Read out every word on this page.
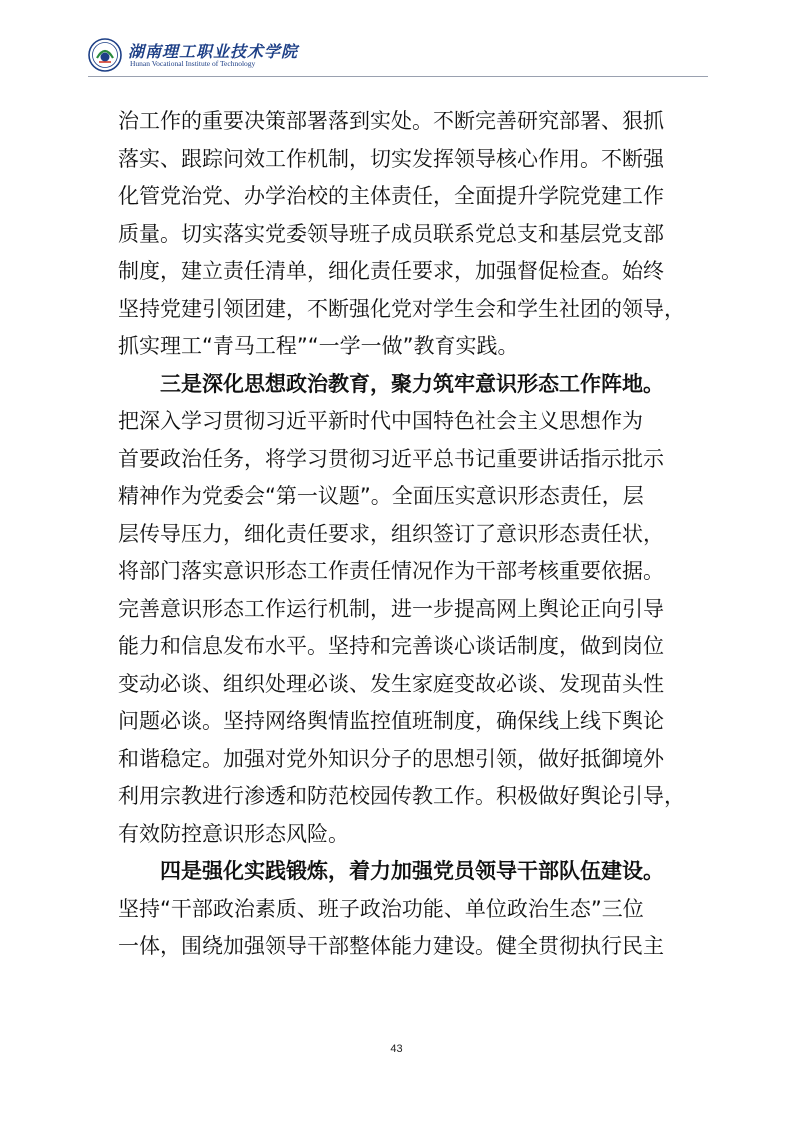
湖南理工职业技术学院
Hunan Vocational Institute of Technology
治工作的重要决策部署落到实处。不断完善研究部署、狠抓
落实、跟踪问效工作机制，切实发挥领导核心作用。不断强
化管党治党、办学治校的主体责任，全面提升学院党建工作
质量。切实落实党委领导班子成员联系党总支和基层党支部
制度，建立责任清单，细化责任要求，加强督促检查。始终
坚持党建引领团建，不断强化党对学生会和学生社团的领导，
抓实理工“青马工程”“一学一做”教育实践。
三是深化思想政治教育，聚力筑牢意识形态工作阵地。
把深入学习贯彻习近平新时代中国特色社会主义思想作为
首要政治任务，将学习贯彻习近平总书记重要讲话指示批示
精神作为党委会“第一议题”。全面压实意识形态责任，层
层传导压力，细化责任要求，组织签订了意识形态责任状，
将部门落实意识形态工作责任情况作为干部考核重要依据。
完善意识形态工作运行机制，进一步提高网上舆论正向引导
能力和信息发布水平。坚持和完善谈心谈话制度，做到岗位
变动必谈、组织处理必谈、发生家庭变故必谈、发现苗头性
问题必谈。坚持网络舆情监控值班制度，确保线上线下舆论
和谐稳定。加强对党外知识分子的思想引领，做好抵御境外
利用宗教进行渗透和防范校园传教工作。积极做好舆论引导，
有效防控意识形态风险。
四是强化实践锻炼，着力加强党员领导干部队伍建设。
坚持“干部政治素质、班子政治功能、单位政治生态”三位
一体，围绕加强领导干部整体能力建设。健全贯彻执行民主
43
